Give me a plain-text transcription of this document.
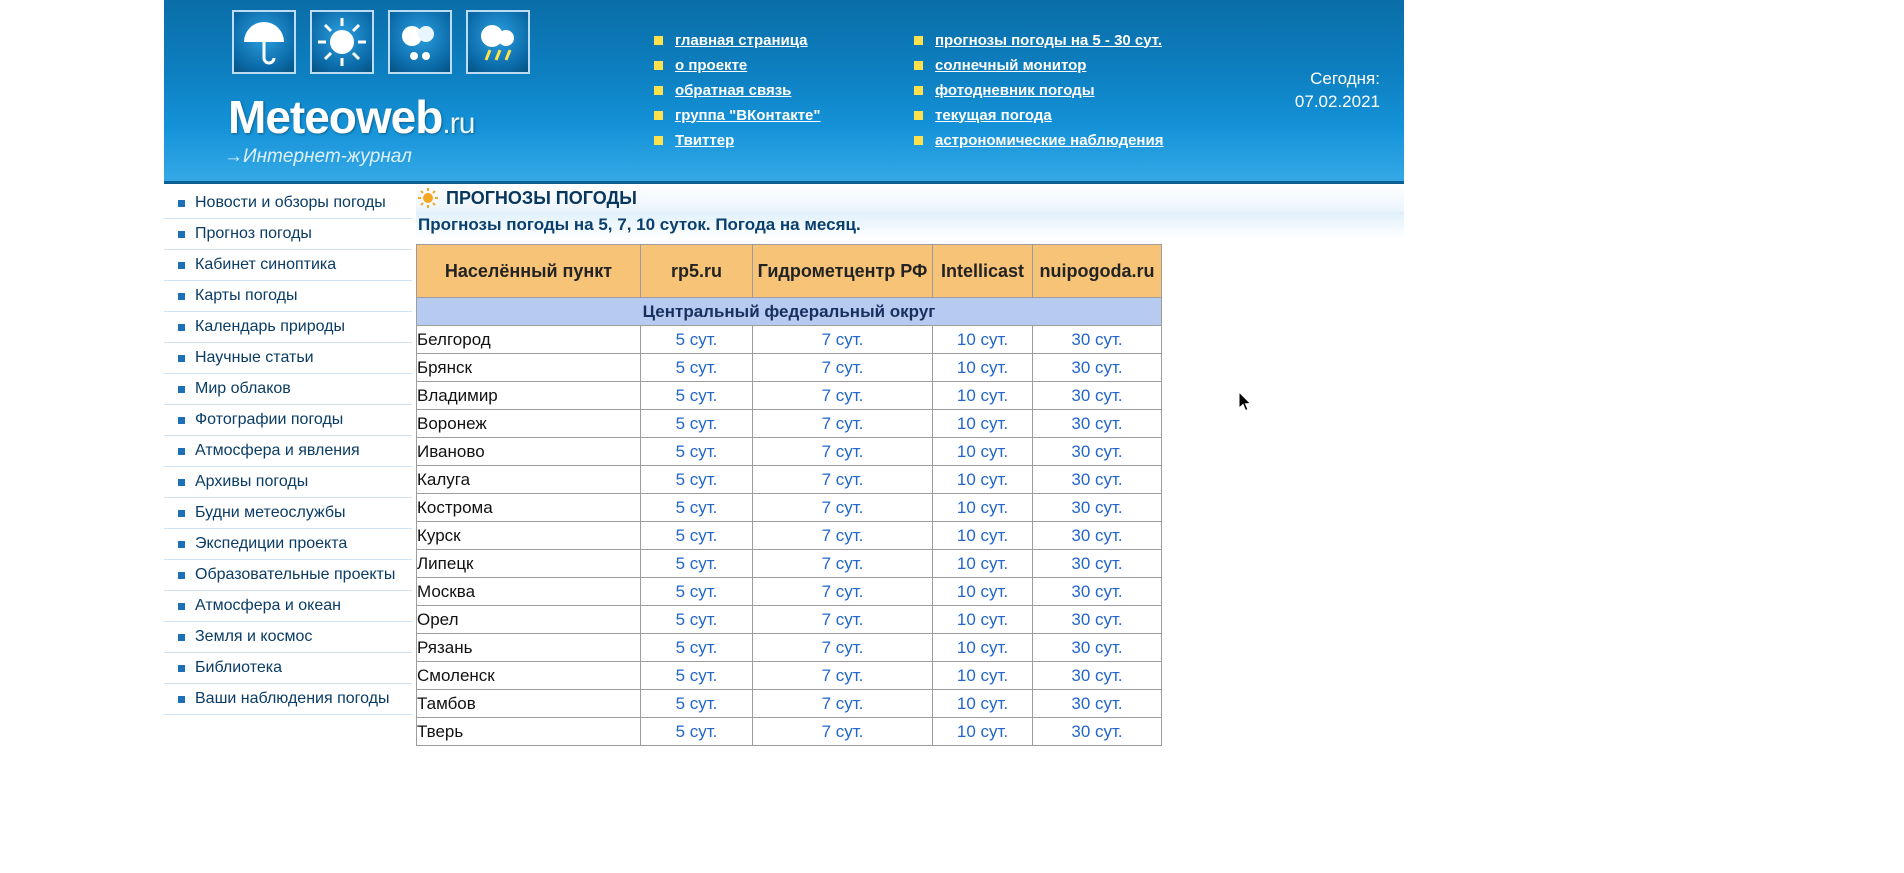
Meteoweb.ru
→Интернет-журнал
главная страница
о проекте
обратная связь
группа "ВКонтакте"
Твиттер
прогнозы погоды на 5 - 30 сут.
солнечный монитор
фотодневник погоды
текущая погода
астрономические наблюдения
Сегодня:
07.02.2021
Новости и обзоры погоды
Прогноз погоды
Кабинет синоптика
Карты погоды
Календарь природы
Научные статьи
Мир облаков
Фотографии погоды
Атмосфера и явления
Архивы погоды
Будни метеослужбы
Экспедиции проекта
Образовательные проекты
Атмосфера и океан
Земля и космос
Библиотека
Ваши наблюдения погоды
ПРОГНОЗЫ ПОГОДЫ
Прогнозы погоды на 5, 7, 10 суток. Погода на месяц.
Населённый пункт	rp5.ru	Гидрометцентр РФ	Intellicast	nuipogoda.ru
Центральный федеральный округ				
Белгород	5 сут.	7 сут.	10 сут.	30 сут.
Брянск	5 сут.	7 сут.	10 сут.	30 сут.
Владимир	5 сут.	7 сут.	10 сут.	30 сут.
Воронеж	5 сут.	7 сут.	10 сут.	30 сут.
Иваново	5 сут.	7 сут.	10 сут.	30 сут.
Калуга	5 сут.	7 сут.	10 сут.	30 сут.
Кострома	5 сут.	7 сут.	10 сут.	30 сут.
Курск	5 сут.	7 сут.	10 сут.	30 сут.
Липецк	5 сут.	7 сут.	10 сут.	30 сут.
Москва	5 сут.	7 сут.	10 сут.	30 сут.
Орел	5 сут.	7 сут.	10 сут.	30 сут.
Рязань	5 сут.	7 сут.	10 сут.	30 сут.
Смоленск	5 сут.	7 сут.	10 сут.	30 сут.
Тамбов	5 сут.	7 сут.	10 сут.	30 сут.
Тверь	5 сут.	7 сут.	10 сут.	30 сут.
